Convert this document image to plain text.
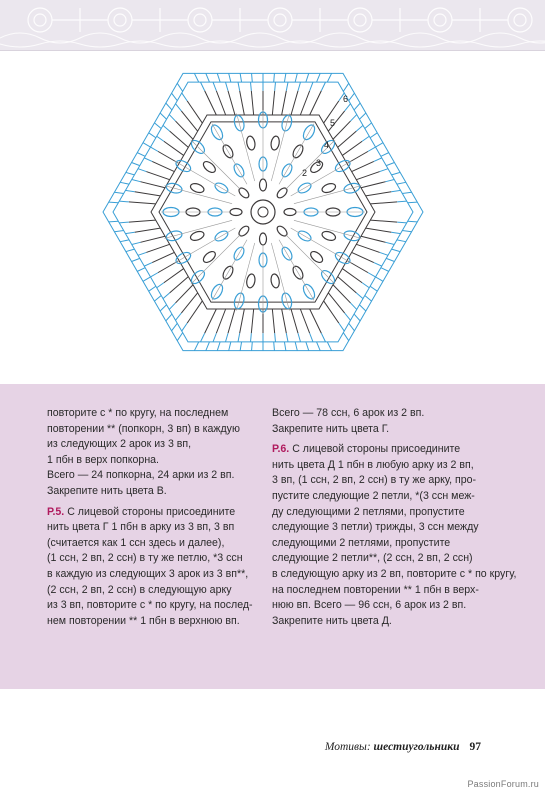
2
3
4
5
6
повторите с * по кругу, на последнем
повторении ** (попкорн, 3 вп) в каждую
из следующих 2 арок из 3 вп,
1 пбн в верх попкорна.
Всего — 24 попкорна, 24 арки из 2 вп.
Закрепите нить цвета В.
Р.5. С лицевой стороны присоедините
нить цвета Г 1 пбн в арку из 3 вп, 3 вп
(считается как 1 ссн здесь и далее),
(1 ссн, 2 вп, 2 ссн) в ту же петлю, *3 ссн
в каждую из следующих 3 арок из 3 вп**,
(2 ссн, 2 вп, 2 ссн) в следующую арку
из 3 вп, повторите с * по кругу, на послед-
нем повторении ** 1 пбн в верхнюю вп.
Всего — 78 ссн, 6 арок из 2 вп.
Закрепите нить цвета Г.
Р.6. С лицевой стороны присоедините
нить цвета Д 1 пбн в любую арку из 2 вп,
3 вп, (1 ссн, 2 вп, 2 ссн) в ту же арку, про-
пустите следующие 2 петли, *(3 ссн меж-
ду следующими 2 петлями, пропустите
следующие 3 петли) трижды, 3 ссн между
следующими 2 петлями, пропустите
следующие 2 петли**, (2 ссн, 2 вп, 2 ссн)
в следующую арку из 2 вп, повторите с * по кругу,
на последнем повторении ** 1 пбн в верх-
нюю вп. Всего — 96 ссн, 6 арок из 2 вп.
Закрепите нить цвета Д.
Мотивы: шестиугольники 97
PassionForum.ru
